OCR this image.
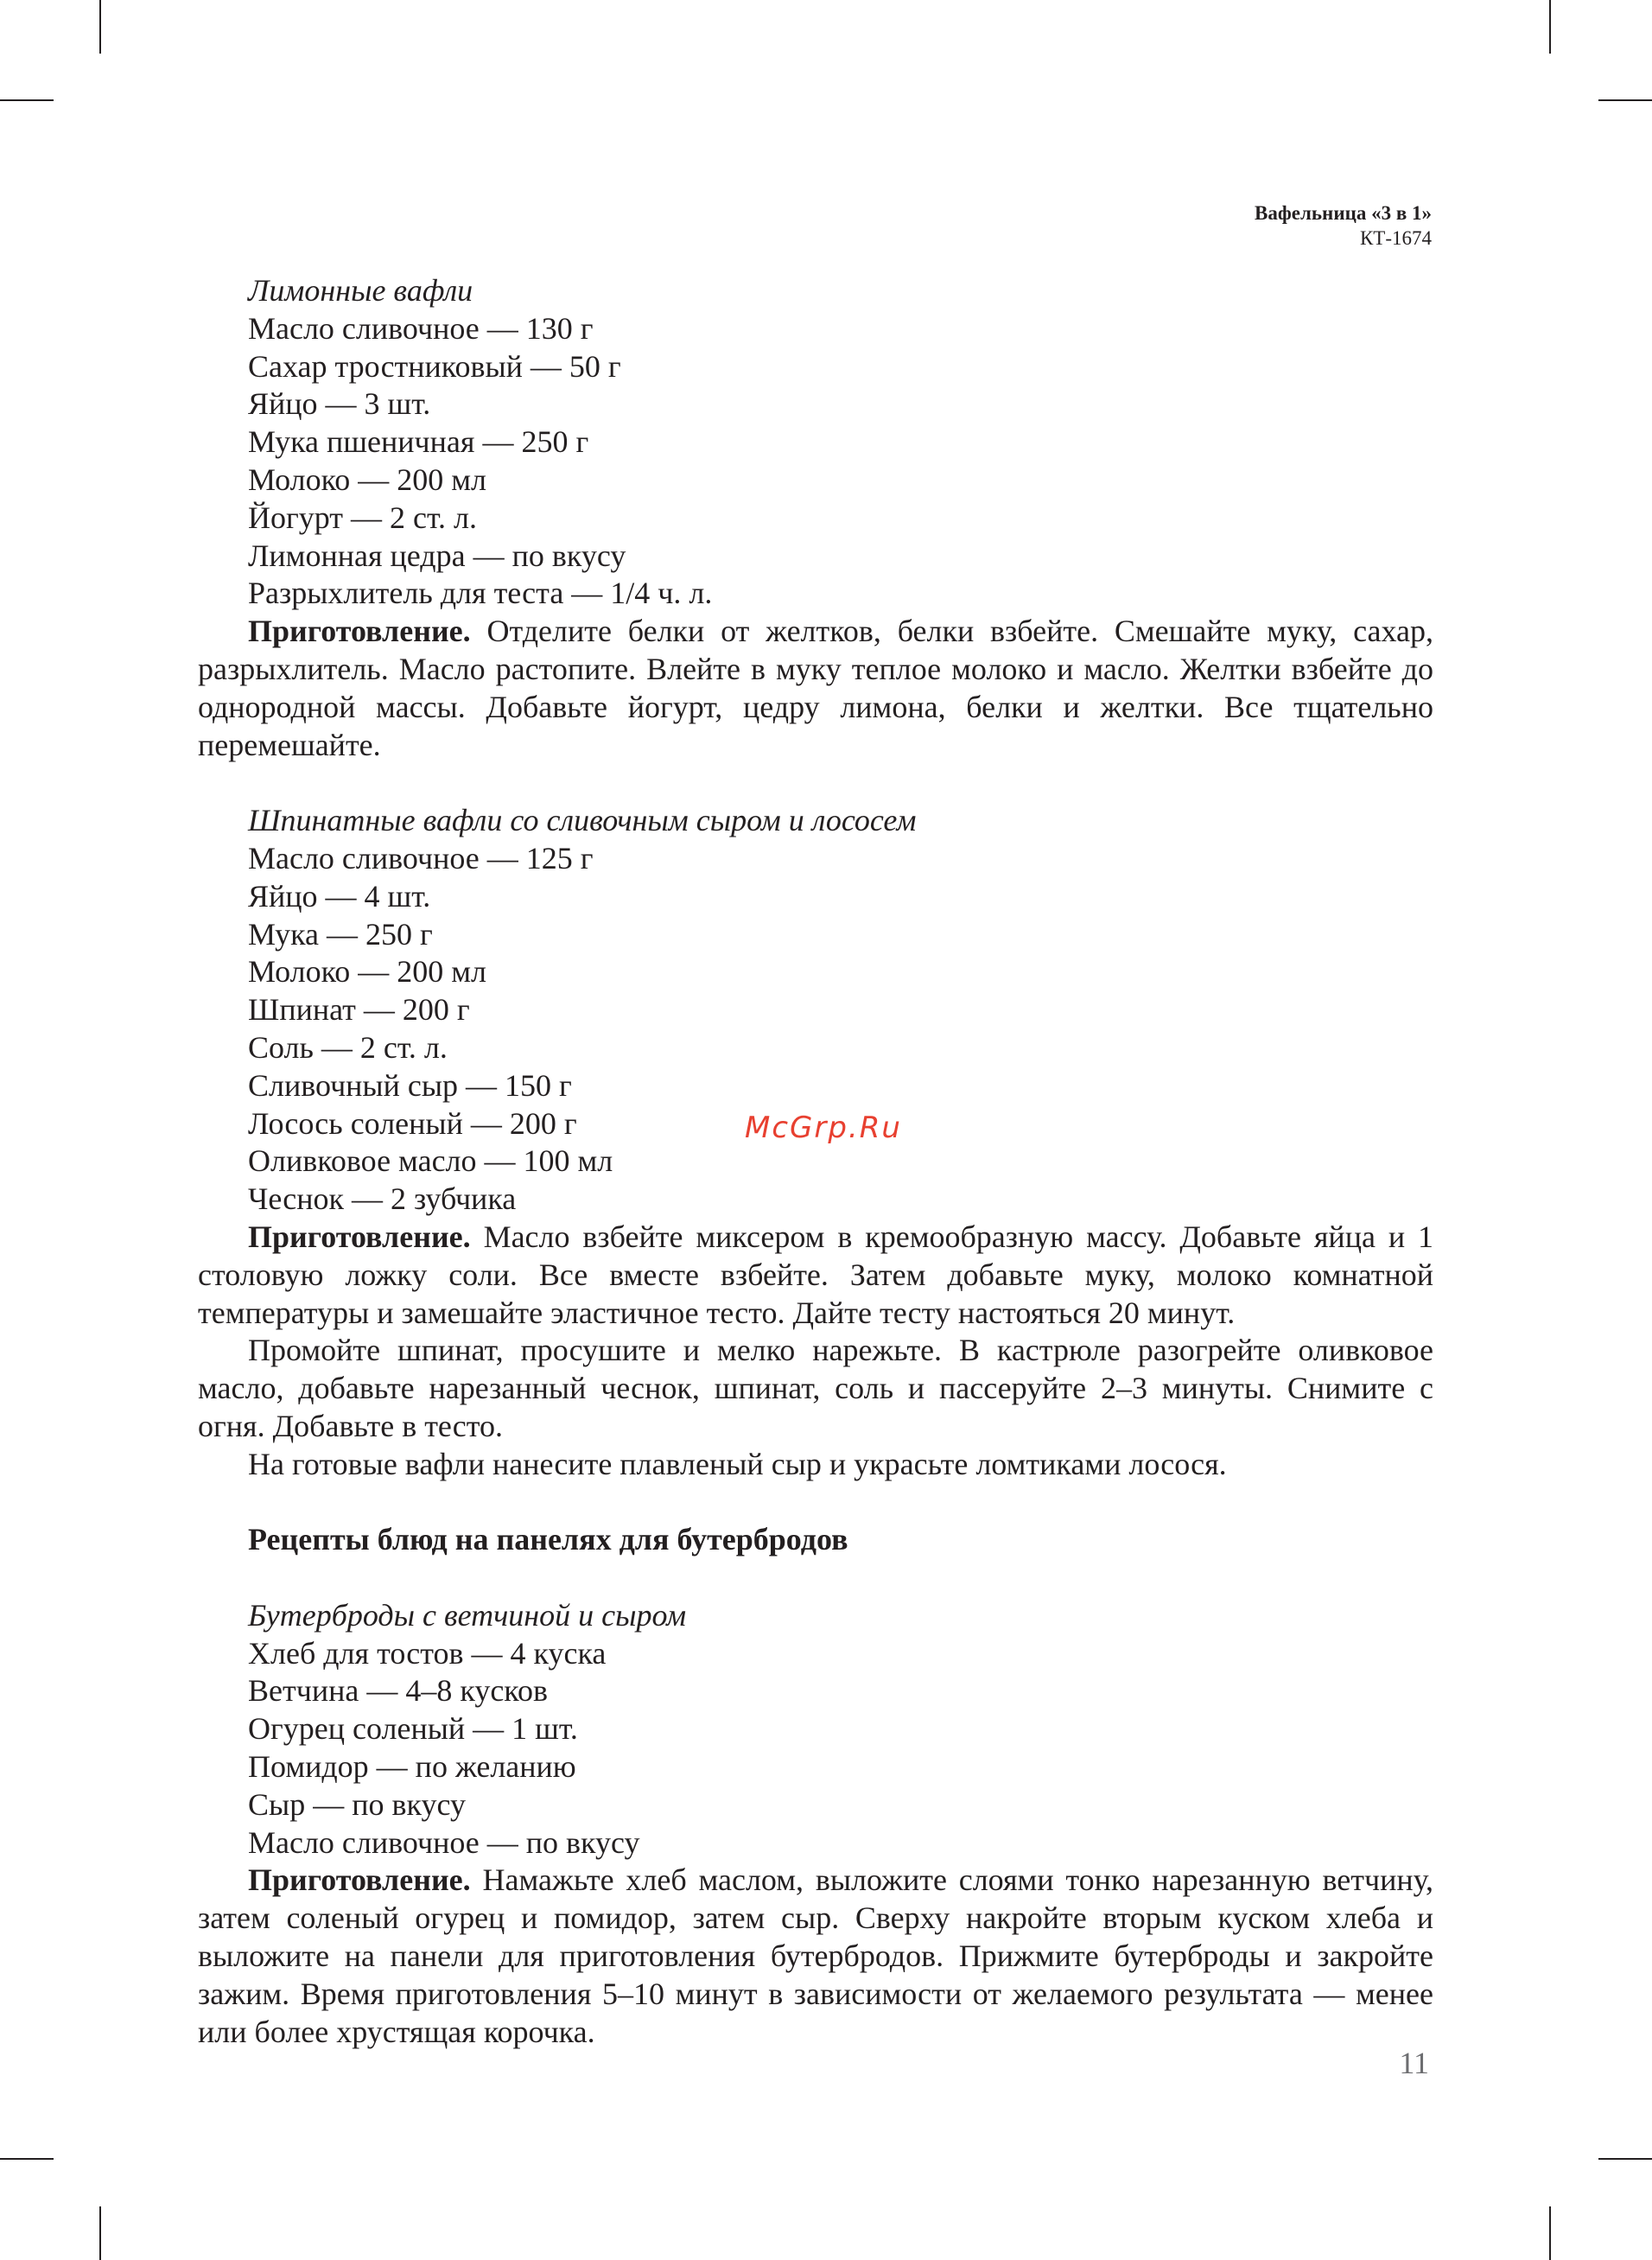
Вафельница «3 в 1»
КТ-1674

Лимонные вафли

Масло сливочное — 130 г

Сахар тростниковый — 50 г

Яйцо — 3 шт.

Мука пшеничная — 250 г

Молоко — 200 мл

Йогурт — 2 ст. л.

Лимонная цедра — по вкусу

Разрыхлитель для теста — 1/4 ч. л.

Приготовление. Отделите белки от желтков, белки взбейте. Смешайте муку, сахар, разрыхлитель. Масло растопите. Влейте в муку теплое молоко и масло. Желтки взбейте до однородной массы. Добавьте йогурт, цедру лимона, белки и желтки. Все тщательно перемешайте.

Шпинатные вафли со сливочным сыром и лососем

Масло сливочное — 125 г

Яйцо — 4 шт.

Мука — 250 г

Молоко — 200 мл

Шпинат — 200 г

Соль — 2 ст. л.

Сливочный сыр — 150 г

Лосось соленый — 200 г

Оливковое масло — 100 мл

Чеснок — 2 зубчика

Приготовление. Масло взбейте миксером в кремообразную массу. Добавьте яйца и 1 столовую ложку соли. Все вместе взбейте. Затем добавьте муку, молоко комнатной температуры и замешайте эластичное тесто. Дайте тесту настояться 20 минут.

Промойте шпинат, просушите и мелко нарежьте. В кастрюле разогрейте оливковое масло, добавьте нарезанный чеснок, шпинат, соль и пассеруйте 2–3 минуты. Снимите с огня. Добавьте в тесто.

На готовые вафли нанесите плавленый сыр и украсьте ломтиками лосося.

Рецепты блюд на панелях для бутербродов

Бутерброды с ветчиной и сыром

Хлеб для тостов — 4 куска

Ветчина — 4–8 кусков

Огурец соленый — 1 шт.

Помидор — по желанию

Сыр — по вкусу

Масло сливочное — по вкусу

Приготовление. Намажьте хлеб маслом, выложите слоями тонко нарезанную ветчину, затем соленый огурец и помидор, затем сыр. Сверху накройте вторым куском хлеба и выложите на панели для приготовления бутербродов. Прижмите бутерброды и закройте зажим. Время приготовления 5–10 минут в зависимости от желаемого результата — менее или более хрустящая корочка.

McGrp.Ru
11
